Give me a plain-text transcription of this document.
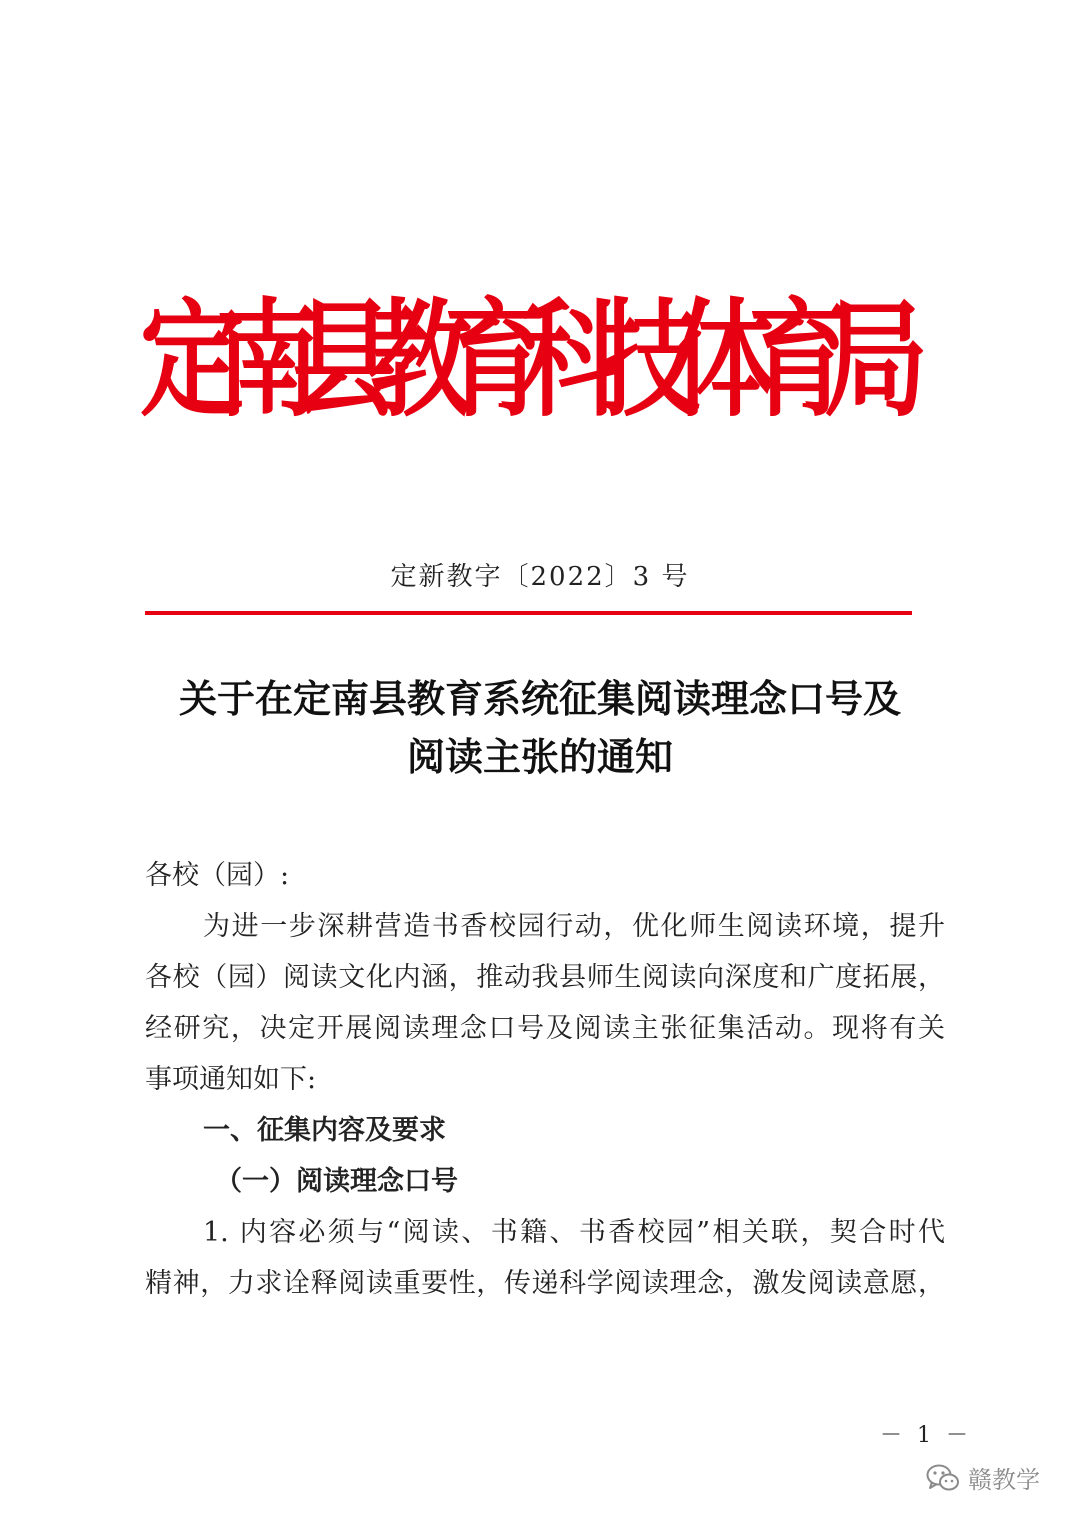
定
南
县
教
育
科
技
体
育
局
定新教字〔2022〕3 号
关于在定南县教育系统征集阅读理念口号及
阅读主张的通知

各校（园）:

为进一步深耕营造书香校园行动，优化师生阅读环境，提升

各校（园）阅读文化内涵，推动我县师生阅读向深度和广度拓展，

经研究，决定开展阅读理念口号及阅读主张征集活动。现将有关

事项通知如下:

一、征集内容及要求

（一）阅读理念口号

1. 内容必须与“阅读、书籍、书香校园”相关联，契合时代

精神，力求诠释阅读重要性，传递科学阅读理念，激发阅读意愿，

－ 1 －
赣教学
